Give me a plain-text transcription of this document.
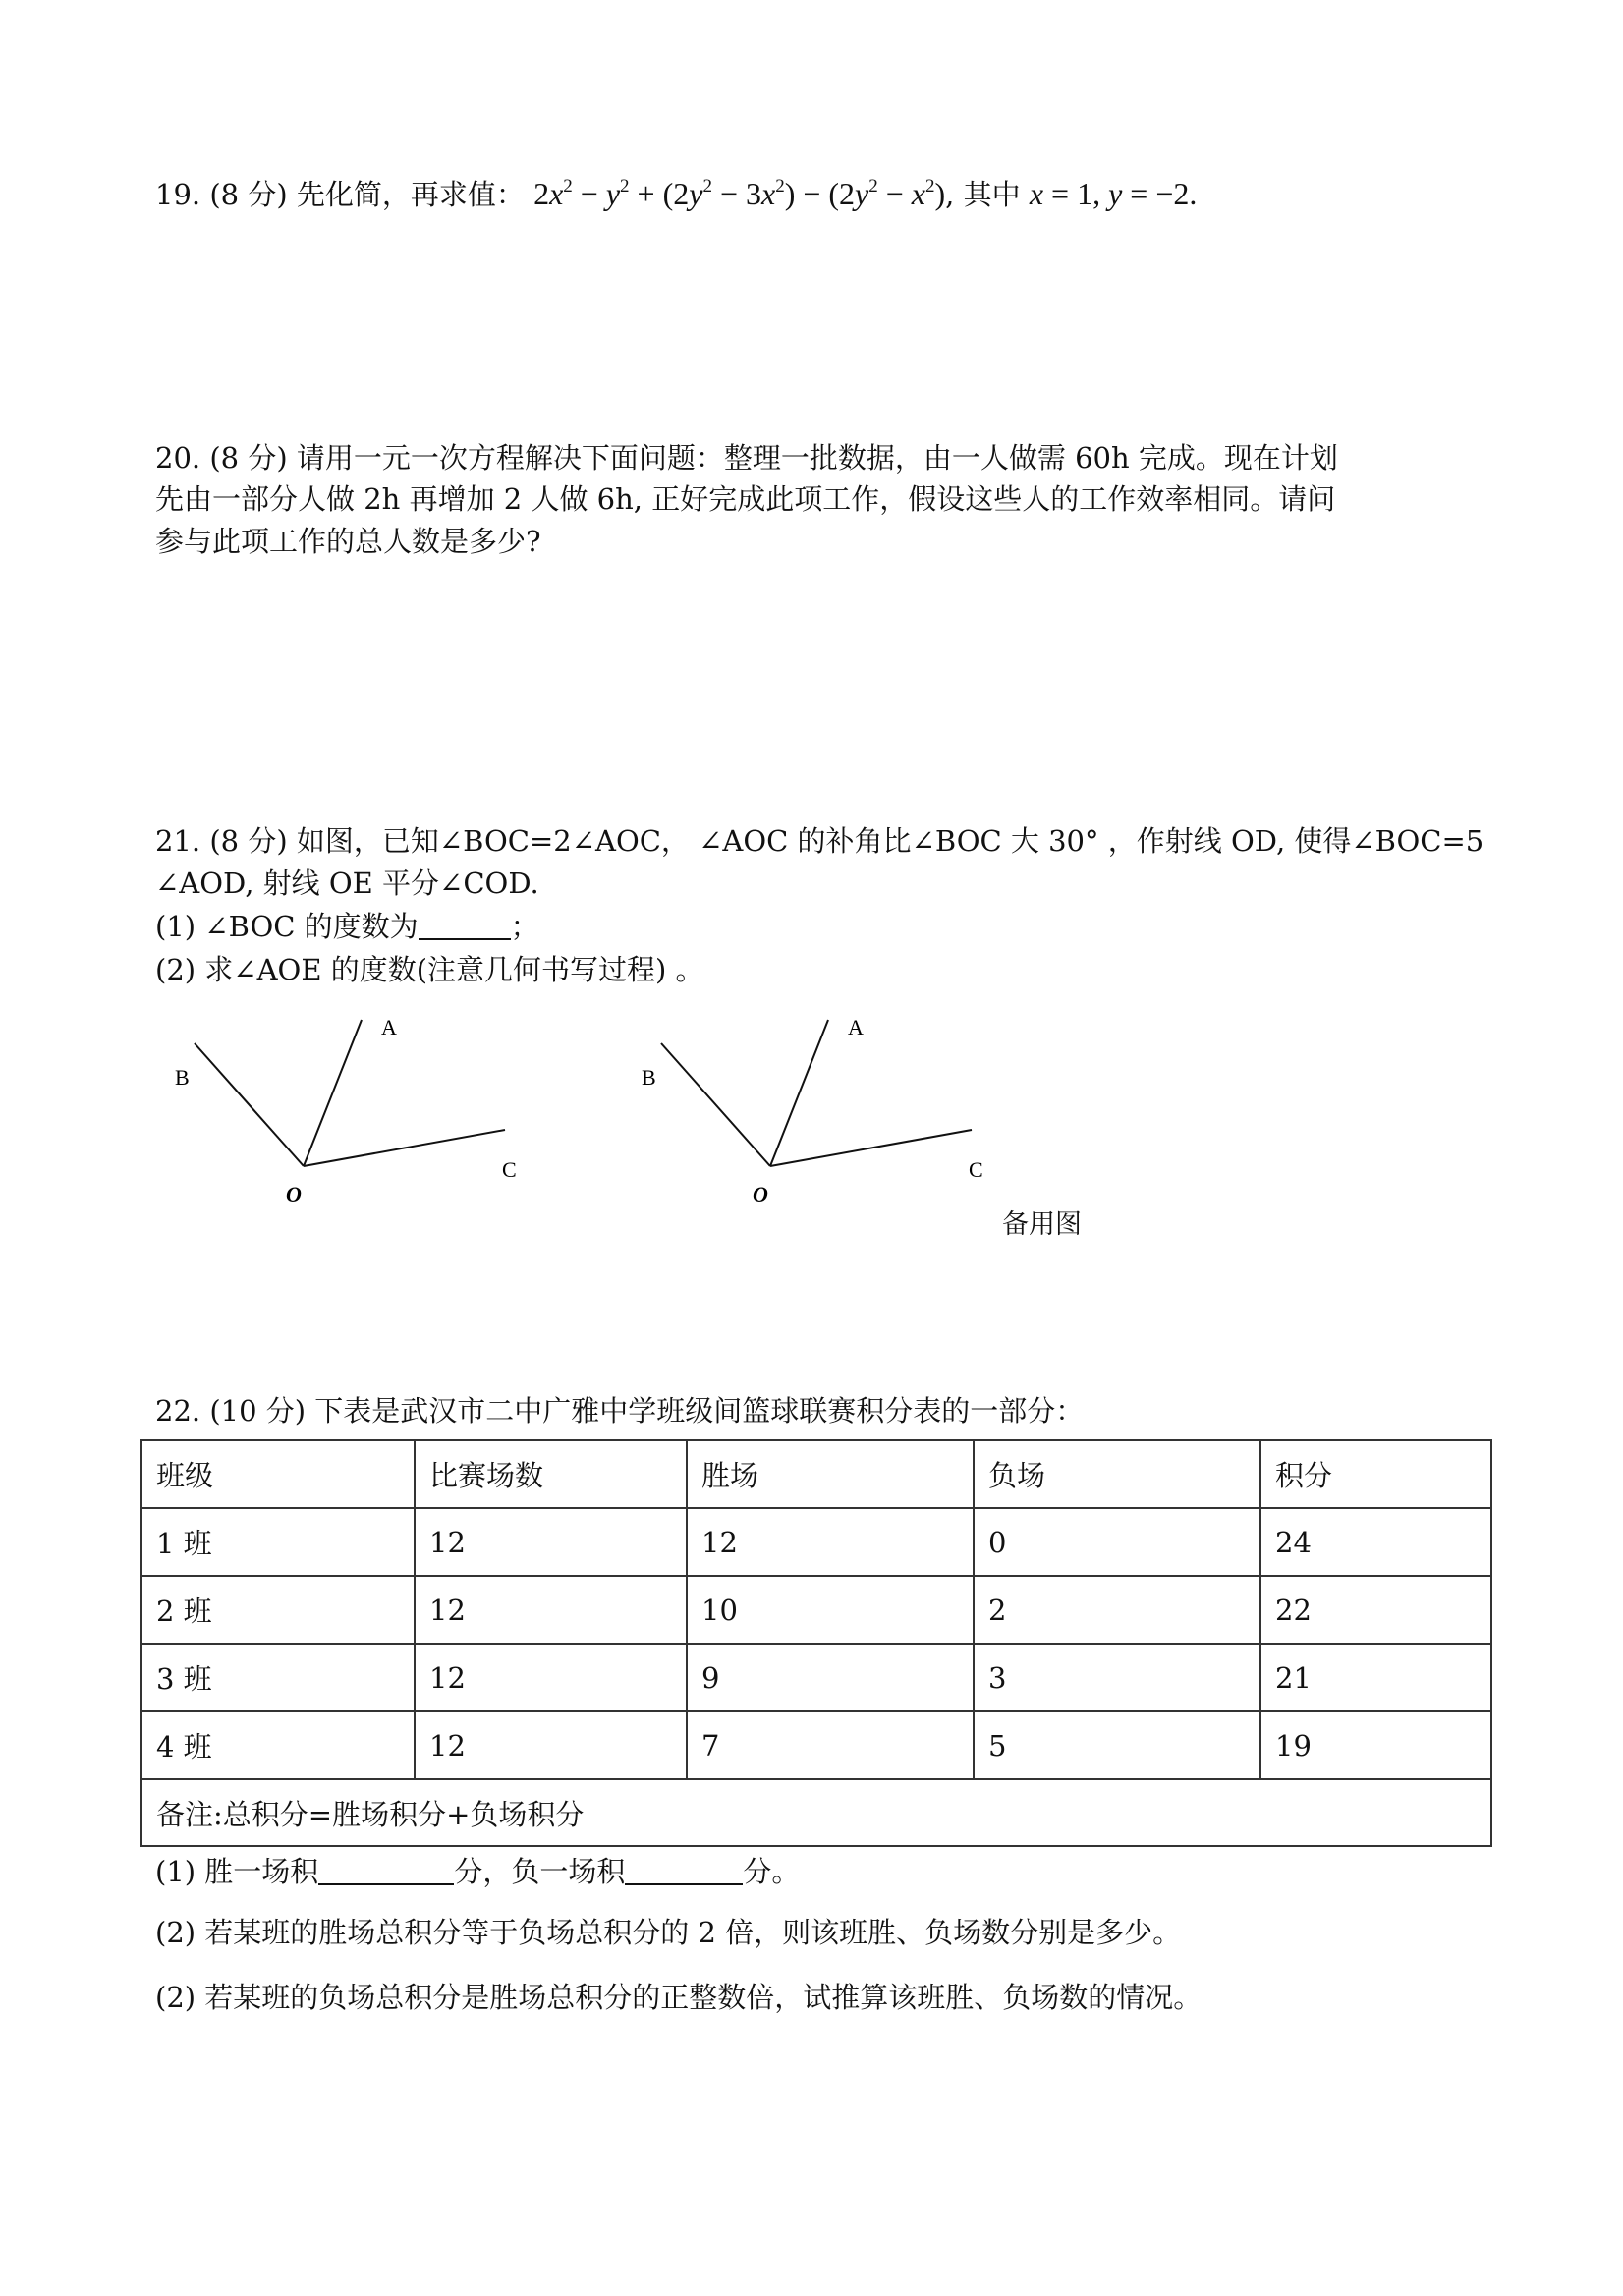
19. (8 分) 先化简，再求值： $2x^2 - y^2 + (2y^2 - 3x^2) - (2y^2 - x^2)$, 其中 x = 1, y = −2.
20. (8 分) 请用一元一次方程解决下面问题：整理一批数据，由一人做需 60h 完成。现在计划
先由一部分人做 2h 再增加 2 人做 6h, 正好完成此项工作，假设这些人的工作效率相同。请问
参与此项工作的总人数是多少?
21. (8 分) 如图，已知∠BOC=2∠AOC， ∠AOC 的补角比∠BOC 大 30° ，作射线 OD, 使得∠BOC=5
∠AOD, 射线 OE 平分∠COD.
(1) ∠BOC 的度数为	；
(2) 求∠AOE 的度数(注意几何书写过程) 。
B
A
C
O
B
A
C
O
备用图
22. (10 分) 下表是武汉市二中广雅中学班级间篮球联赛积分表的一部分：
班级	比赛场数	胜场	负场	积分
1 班	12	12	0	24
2 班	12	10	2	22
3 班	12	9	3	21
4 班	12	7	5	19
备注:总积分=胜场积分+负场积分				
(1) 胜一场积	分，负一场积	分。
(2) 若某班的胜场总积分等于负场总积分的 2 倍，则该班胜、负场数分别是多少。
(2) 若某班的负场总积分是胜场总积分的正整数倍，试推算该班胜、负场数的情况。
